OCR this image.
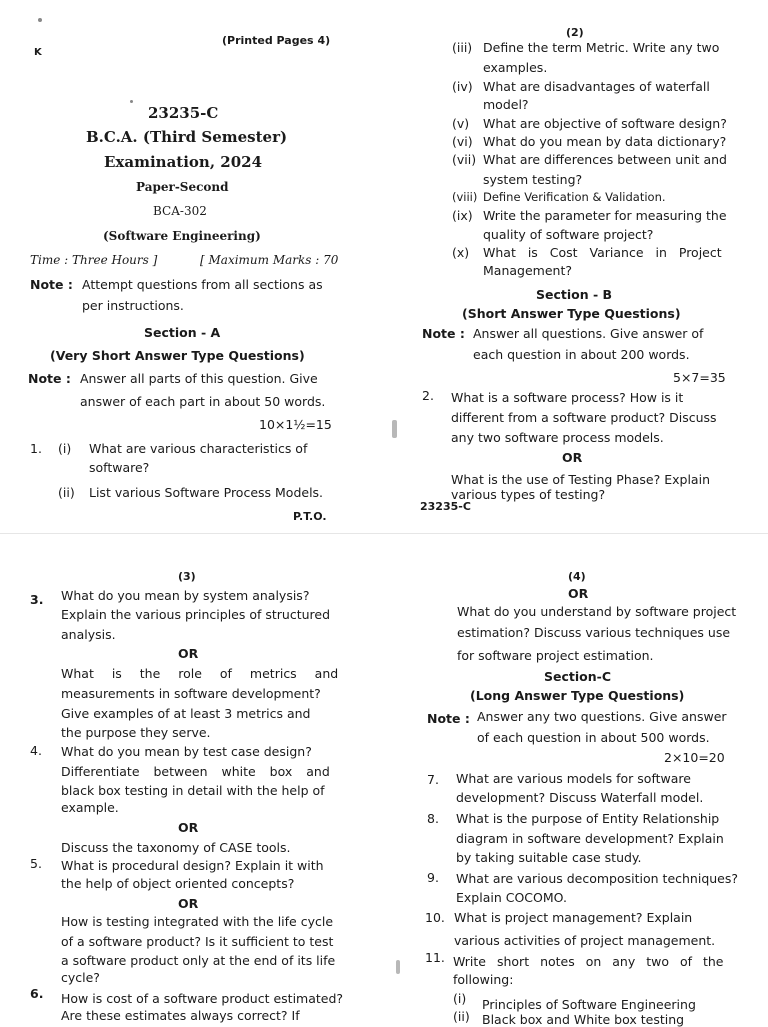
K
(Printed Pages 4)
23235-C
B.C.A. (Third Semester)
Examination, 2024
Paper-Second
BCA-302
(Software Engineering)
Time : Three Hours ]	[ Maximum Marks : 70
Note : Attempt questions from all sections as
per instructions.
Section - A
(Very Short Answer Type Questions)
Note : Answer all parts of this question. Give
answer of each part in about 50 words.
10×1½=15
1. (i) What are various characteristics of
software?
(ii) List various Software Process Models.
P.T.O.
(2)
(iii) Define the term Metric. Write any two
examples.
(iv) What are disadvantages of waterfall
model?
(v) What are objective of software design?
(vi) What do you mean by data dictionary?
(vii) What are differences between unit and
system testing?
(viii) Define Verification & Validation.
(ix) Write the parameter for measuring the
quality of software project?
(x) What is Cost Variance in Project
Management?
Section - B
(Short Answer Type Questions)
Note : Answer all questions. Give answer of
each question in about 200 words.
5×7=35
2. What is a software process? How is it
different from a software product? Discuss
any two software process models.
OR
What is the use of Testing Phase? Explain
various types of testing?
23235-C
(3)
3. What do you mean by system analysis?
Explain the various principles of structured
analysis.
OR
What is the role of metrics and
measurements in software development?
Give examples of at least 3 metrics and
the purpose they serve.
4. What do you mean by test case design?
Differentiate between white box and
black box testing in detail with the help of
example.
OR
Discuss the taxonomy of CASE tools.
5. What is procedural design? Explain it with
the help of object oriented concepts?
OR
How is testing integrated with the life cycle
of a software product? Is it sufficient to test
a software product only at the end of its life
cycle?
6. How is cost of a software product estimated?
Are these estimates always correct? If
(4)
OR
What do you understand by software project
estimation? Discuss various techniques use
for software project estimation.
Section-C
(Long Answer Type Questions)
Note : Answer any two questions. Give answer
of each question in about 500 words.
2×10=20
7. What are various models for software
development? Discuss Waterfall model.
8. What is the purpose of Entity Relationship
diagram in software development? Explain
by taking suitable case study.
9. What are various decomposition techniques?
Explain COCOMO.
10. What is project management? Explain
various activities of project management.
11. Write short notes on any two of the
following:
(i) Principles of Software Engineering
(ii) Black box and White box testing
